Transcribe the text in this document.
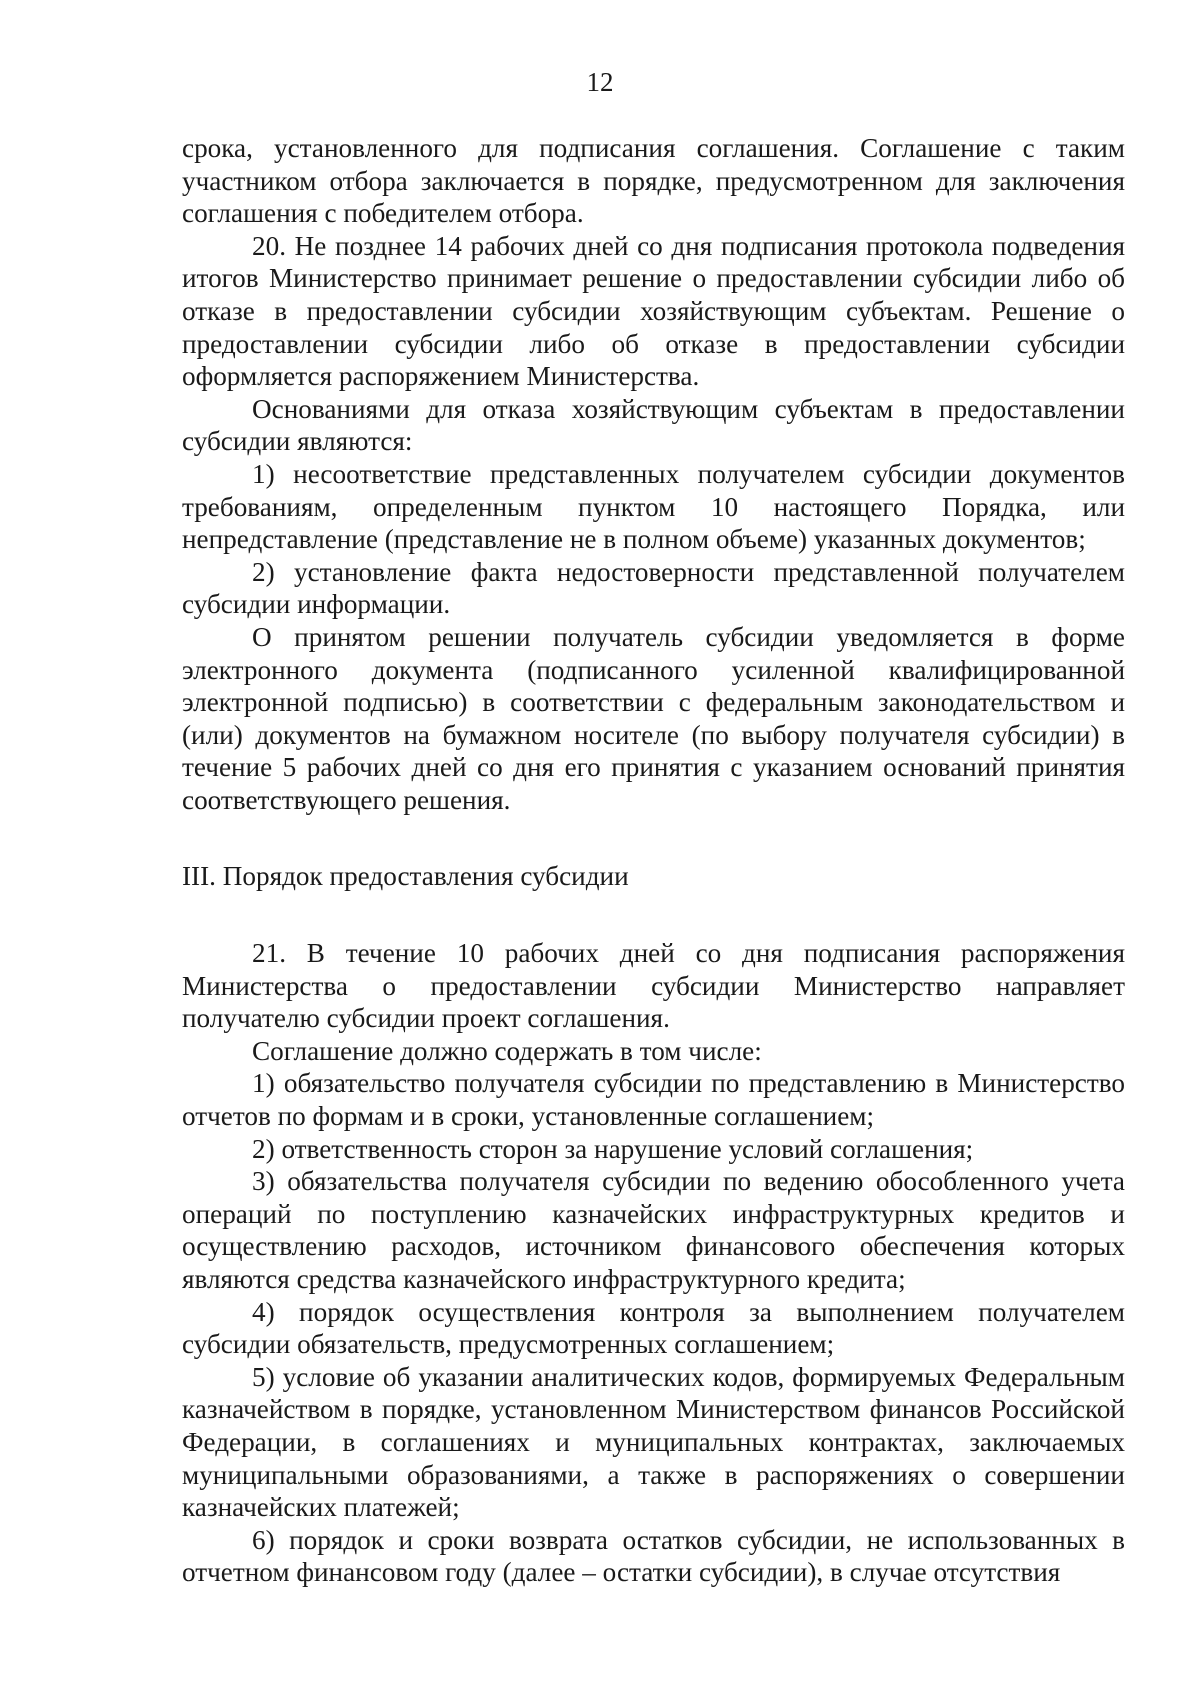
12

срока, установленного для подписания соглашения. Соглашение с таким участником отбора заключается в порядке, предусмотренном для заключения соглашения с победителем отбора.

20. Не позднее 14 рабочих дней со дня подписания протокола подведения итогов Министерство принимает решение о предоставлении субсидии либо об отказе в предоставлении субсидии хозяйствующим субъектам. Решение о предоставлении субсидии либо об отказе в предоставлении субсидии оформляется распоряжением Министерства.

Основаниями для отказа хозяйствующим субъектам в предоставлении субсидии являются:

1) несоответствие представленных получателем субсидии документов требованиям, определенным пунктом 10 настоящего Порядка, или непредставление (представление не в полном объеме) указанных документов;

2) установление факта недостоверности представленной получателем субсидии информации.

О принятом решении получатель субсидии уведомляется в форме электронного документа (подписанного усиленной квалифицированной электронной подписью) в соответствии с федеральным законодательством и (или) документов на бумажном носителе (по выбору получателя субсидии) в течение 5 рабочих дней со дня его принятия с указанием оснований принятия соответствующего решения.

III. Порядок предоставления субсидии

21. В течение 10 рабочих дней со дня подписания распоряжения Министерства о предоставлении субсидии Министерство направляет получателю субсидии проект соглашения.

Соглашение должно содержать в том числе:

1) обязательство получателя субсидии по представлению в Министерство отчетов по формам и в сроки, установленные соглашением;

2) ответственность сторон за нарушение условий соглашения;

3) обязательства получателя субсидии по ведению обособленного учета операций по поступлению казначейских инфраструктурных кредитов и осуществлению расходов, источником финансового обеспечения которых являются средства казначейского инфраструктурного кредита;

4) порядок осуществления контроля за выполнением получателем субсидии обязательств, предусмотренных соглашением;

5) условие об указании аналитических кодов, формируемых Федеральным казначейством в порядке, установленном Министерством финансов Российской Федерации, в соглашениях и муниципальных контрактах, заключаемых муниципальными образованиями, а также в распоряжениях о совершении казначейских платежей;

6) порядок и сроки возврата остатков субсидии, не использованных в отчетном финансовом году (далее – остатки субсидии), в случае отсутствия
